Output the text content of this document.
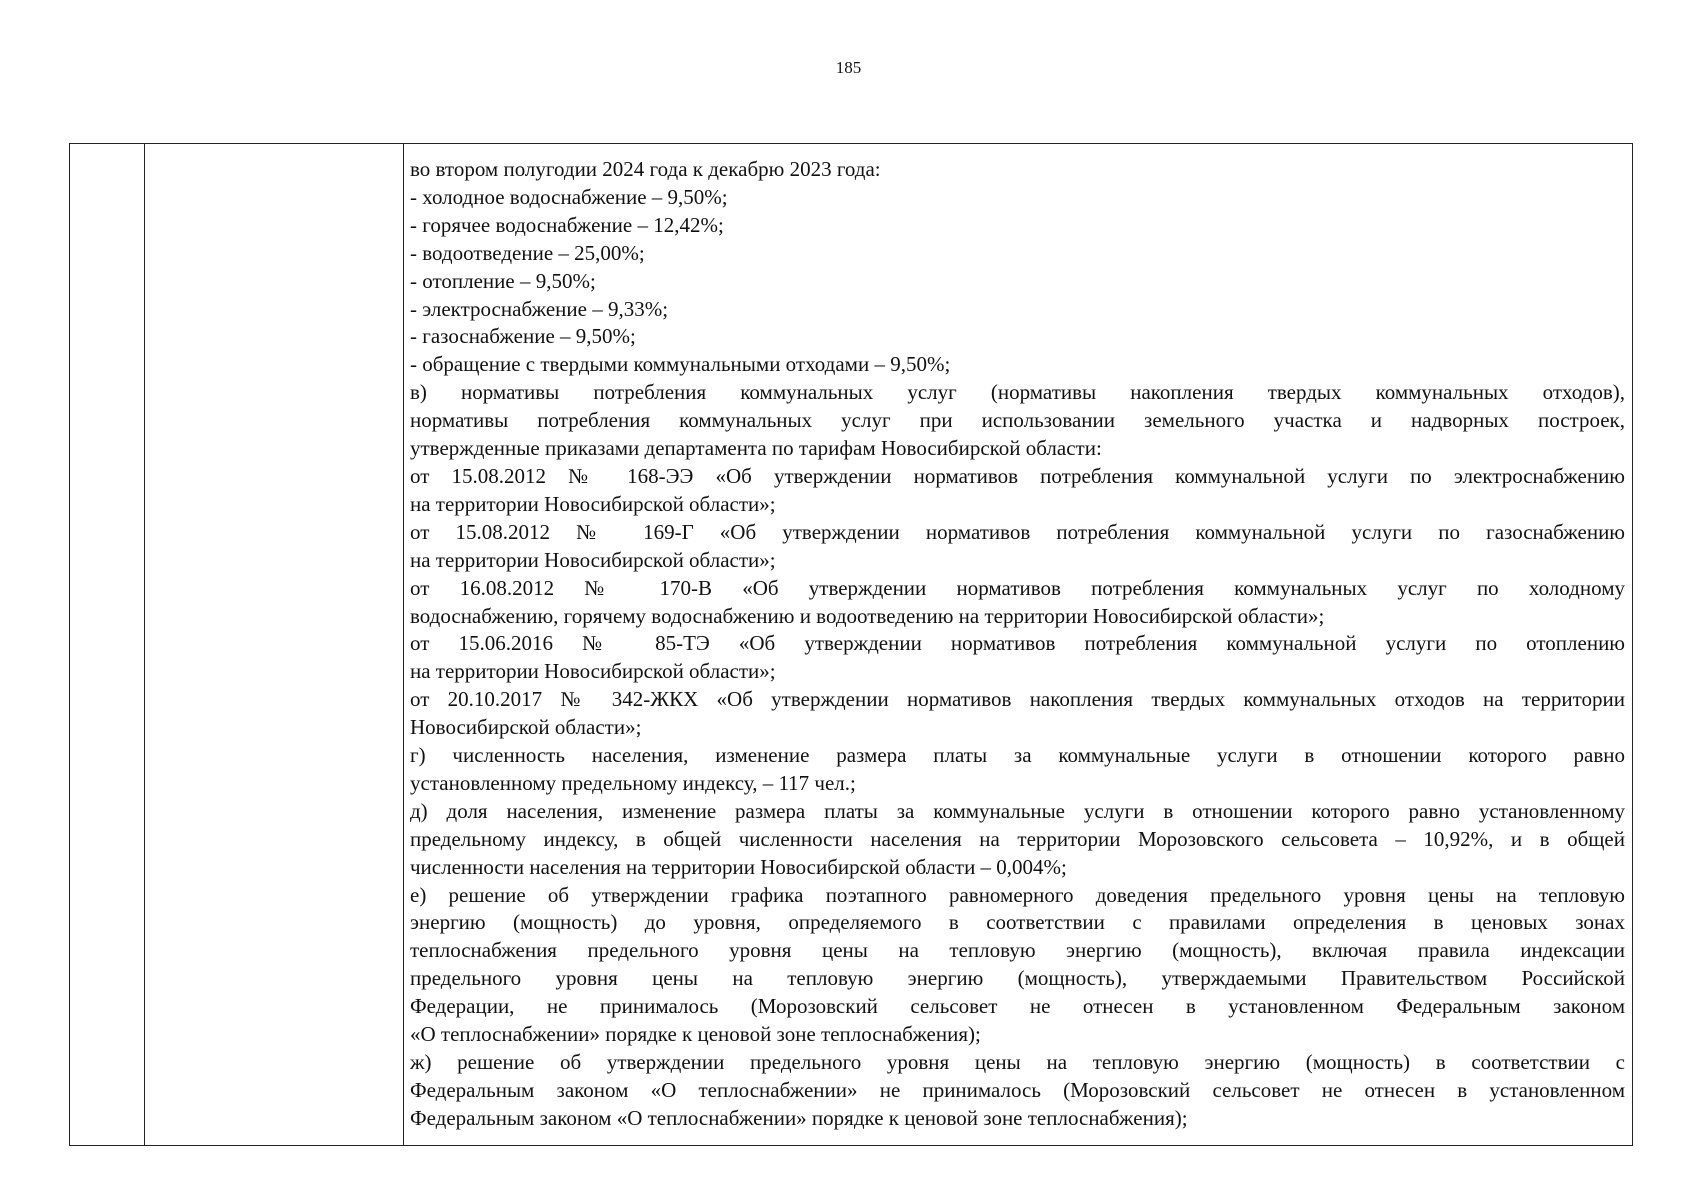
185

во втором полугодии 2024 года к декабрю 2023 года:
- холодное водоснабжение – 9,50%;
- горячее водоснабжение – 12,42%;
- водоотведение – 25,00%;
- отопление – 9,50%;
- электроснабжение – 9,33%;
- газоснабжение – 9,50%;
- обращение с твердыми коммунальными отходами – 9,50%;
в) нормативы потребления коммунальных услуг (нормативы накопления твердых коммунальных отходов),
нормативы потребления коммунальных услуг при использовании земельного участка и надворных построек,
утвержденные приказами департамента по тарифам Новосибирской области:
от 15.08.2012 № 168-ЭЭ «Об утверждении нормативов потребления коммунальной услуги по электроснабжению
на территории Новосибирской области»;
от 15.08.2012 № 169-Г «Об утверждении нормативов потребления коммунальной услуги по газоснабжению
на территории Новосибирской области»;
от 16.08.2012 № 170-В «Об утверждении нормативов потребления коммунальных услуг по холодному
водоснабжению, горячему водоснабжению и водоотведению на территории Новосибирской области»;
от 15.06.2016 № 85-ТЭ «Об утверждении нормативов потребления коммунальной услуги по отоплению
на территории Новосибирской области»;
от 20.10.2017 № 342-ЖКХ «Об утверждении нормативов накопления твердых коммунальных отходов на территории
Новосибирской области»;
г) численность населения, изменение размера платы за коммунальные услуги в отношении которого равно
установленному предельному индексу, – 117 чел.;
д) доля населения, изменение размера платы за коммунальные услуги в отношении которого равно установленному
предельному индексу, в общей численности населения на территории Морозовского сельсовета – 10,92%, и в общей
численности населения на территории Новосибирской области – 0,004%;
е) решение об утверждении графика поэтапного равномерного доведения предельного уровня цены на тепловую
энергию (мощность) до уровня, определяемого в соответствии с правилами определения в ценовых зонах
теплоснабжения предельного уровня цены на тепловую энергию (мощность), включая правила индексации
предельного уровня цены на тепловую энергию (мощность), утверждаемыми Правительством Российской
Федерации, не принималось (Морозовский сельсовет не отнесен в установленном Федеральным законом
«О теплоснабжении» порядке к ценовой зоне теплоснабжения);
ж) решение об утверждении предельного уровня цены на тепловую энергию (мощность) в соответствии с
Федеральным законом «О теплоснабжении» не принималось (Морозовский сельсовет не отнесен в установленном
Федеральным законом «О теплоснабжении» порядке к ценовой зоне теплоснабжения);
